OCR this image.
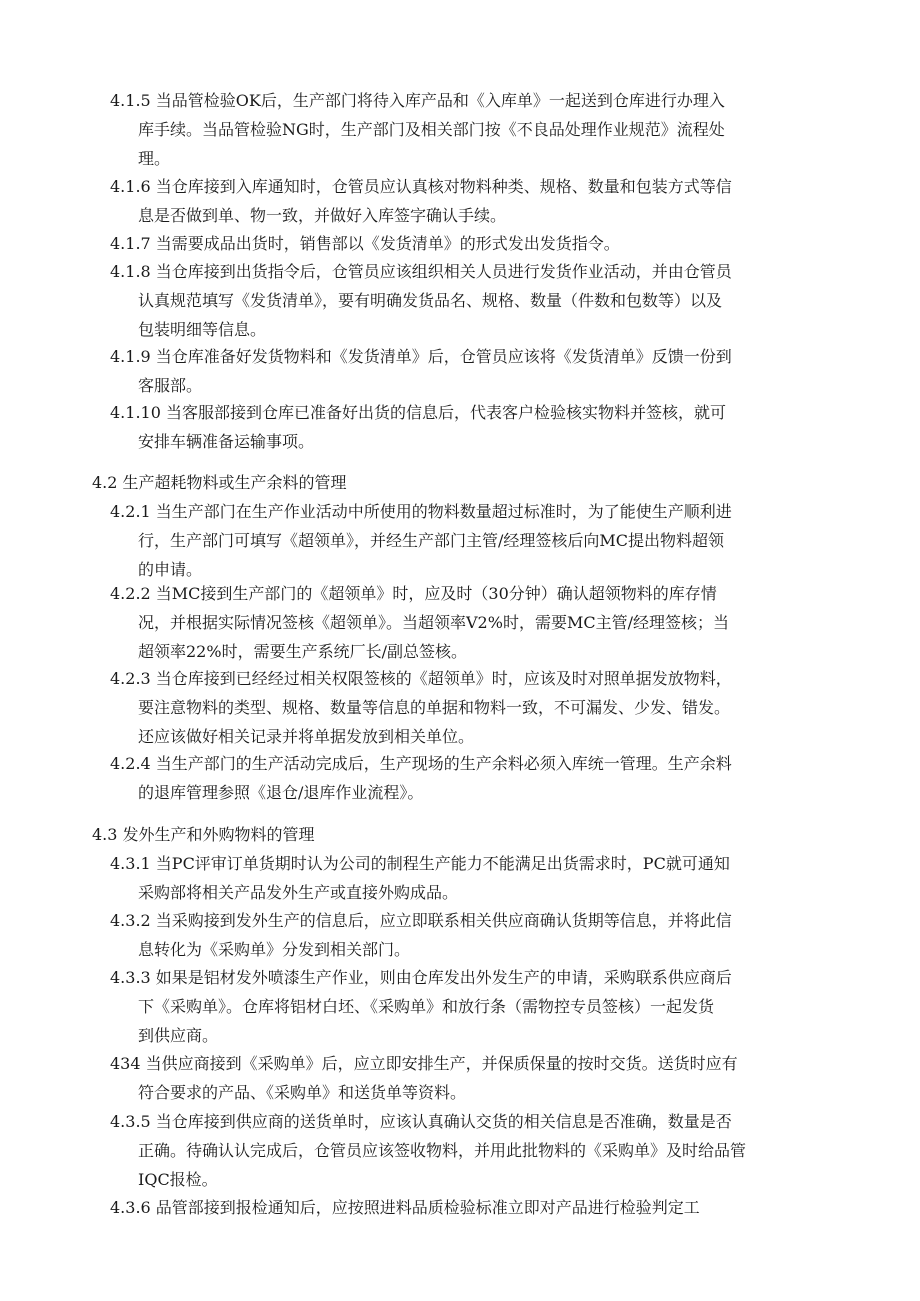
4.1.5 当品管检验OK后，生产部门将待入库产品和《入库单》一起送到仓库进行办理入
库手续。当品管检验NG时，生产部门及相关部门按《不良品处理作业规范》流程处
理。

4.1.6 当仓库接到入库通知时，仓管员应认真核对物料种类、规格、数量和包装方式等信
息是否做到单、物一致，并做好入库签字确认手续。

4.1.7 当需要成品出货时，销售部以《发货清单》的形式发出发货指令。

4.1.8 当仓库接到出货指令后，仓管员应该组织相关人员进行发货作业活动，并由仓管员
认真规范填写《发货清单》，要有明确发货品名、规格、数量（件数和包数等）以及
包装明细等信息。

4.1.9 当仓库准备好发货物料和《发货清单》后，仓管员应该将《发货清单》反馈一份到
客服部。

4.1.10 当客服部接到仓库已准备好出货的信息后，代表客户检验核实物料并签核，就可
安排车辆准备运输事项。

4.2 生产超耗物料或生产余料的管理

4.2.1 当生产部门在生产作业活动中所使用的物料数量超过标准时，为了能使生产顺利进
行，生产部门可填写《超领单》，并经生产部门主管/经理签核后向MC提出物料超领
的申请。

4.2.2 当MC接到生产部门的《超领单》时，应及时（30分钟）确认超领物料的库存情
况，并根据实际情况签核《超领单》。当超领率V2%时，需要MC主管/经理签核；当
超领率22%时，需要生产系统厂长/副总签核。

4.2.3 当仓库接到已经经过相关权限签核的《超领单》时，应该及时对照单据发放物料，
要注意物料的类型、规格、数量等信息的单据和物料一致，不可漏发、少发、错发。
还应该做好相关记录并将单据发放到相关单位。

4.2.4 当生产部门的生产活动完成后，生产现场的生产余料必须入库统一管理。生产余料
的退库管理参照《退仓/退库作业流程》。

4.3 发外生产和外购物料的管理

4.3.1 当PC评审订单货期时认为公司的制程生产能力不能满足出货需求时，PC就可通知
采购部将相关产品发外生产或直接外购成品。

4.3.2 当采购接到发外生产的信息后，应立即联系相关供应商确认货期等信息，并将此信
息转化为《采购单》分发到相关部门。

4.3.3 如果是铝材发外喷漆生产作业，则由仓库发出外发生产的申请，采购联系供应商后
下《采购单》。仓库将铝材白坯、《采购单》和放行条（需物控专员签核）一起发货
到供应商。

434 当供应商接到《采购单》后，应立即安排生产，并保质保量的按时交货。送货时应有
符合要求的产品、《采购单》和送货单等资料。

4.3.5 当仓库接到供应商的送货单时，应该认真确认交货的相关信息是否准确，数量是否
正确。待确认认完成后，仓管员应该签收物料，并用此批物料的《采购单》及时给品管
IQC报检。

4.3.6 品管部接到报检通知后，应按照进料品质检验标准立即对产品进行检验判定工
